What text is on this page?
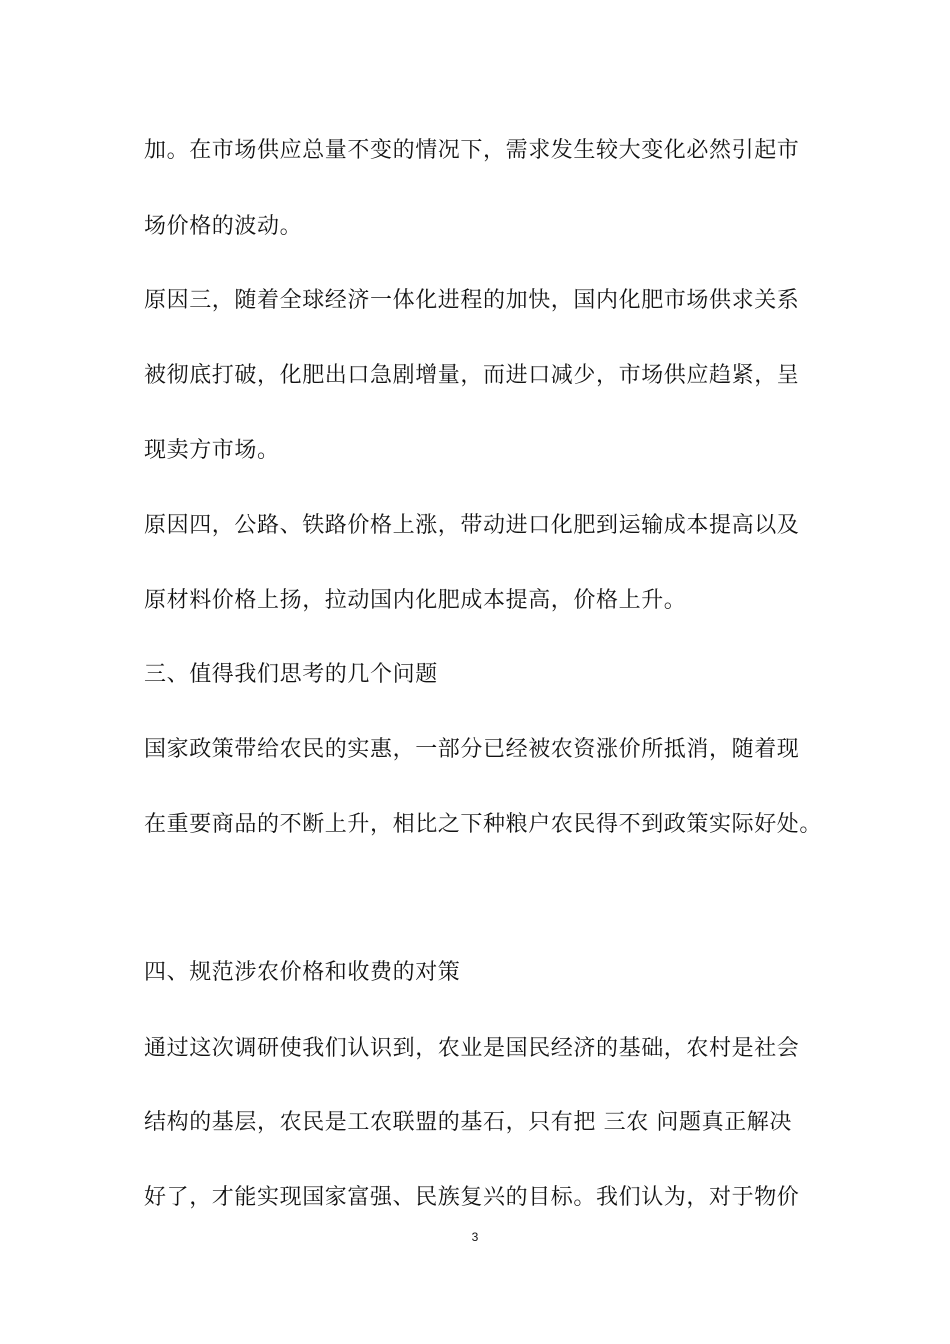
加。在市场供应总量不变的情况下，需求发生较大变化必然引起市
场价格的波动。
原因三，随着全球经济一体化进程的加快，国内化肥市场供求关系
被彻底打破，化肥出口急剧增量，而进口减少，市场供应趋紧，呈
现卖方市场。
原因四，公路、铁路价格上涨，带动进口化肥到运输成本提高以及
原材料价格上扬，拉动国内化肥成本提高，价格上升。
三、值得我们思考的几个问题
国家政策带给农民的实惠，一部分已经被农资涨价所抵消，随着现
在重要商品的不断上升，相比之下种粮户农民得不到政策实际好处。
四、规范涉农价格和收费的对策
通过这次调研使我们认识到，农业是国民经济的基础，农村是社会
结构的基层，农民是工农联盟的基石，只有把 三农 问题真正解决
好了，才能实现国家富强、民族复兴的目标。我们认为，对于物价
3
